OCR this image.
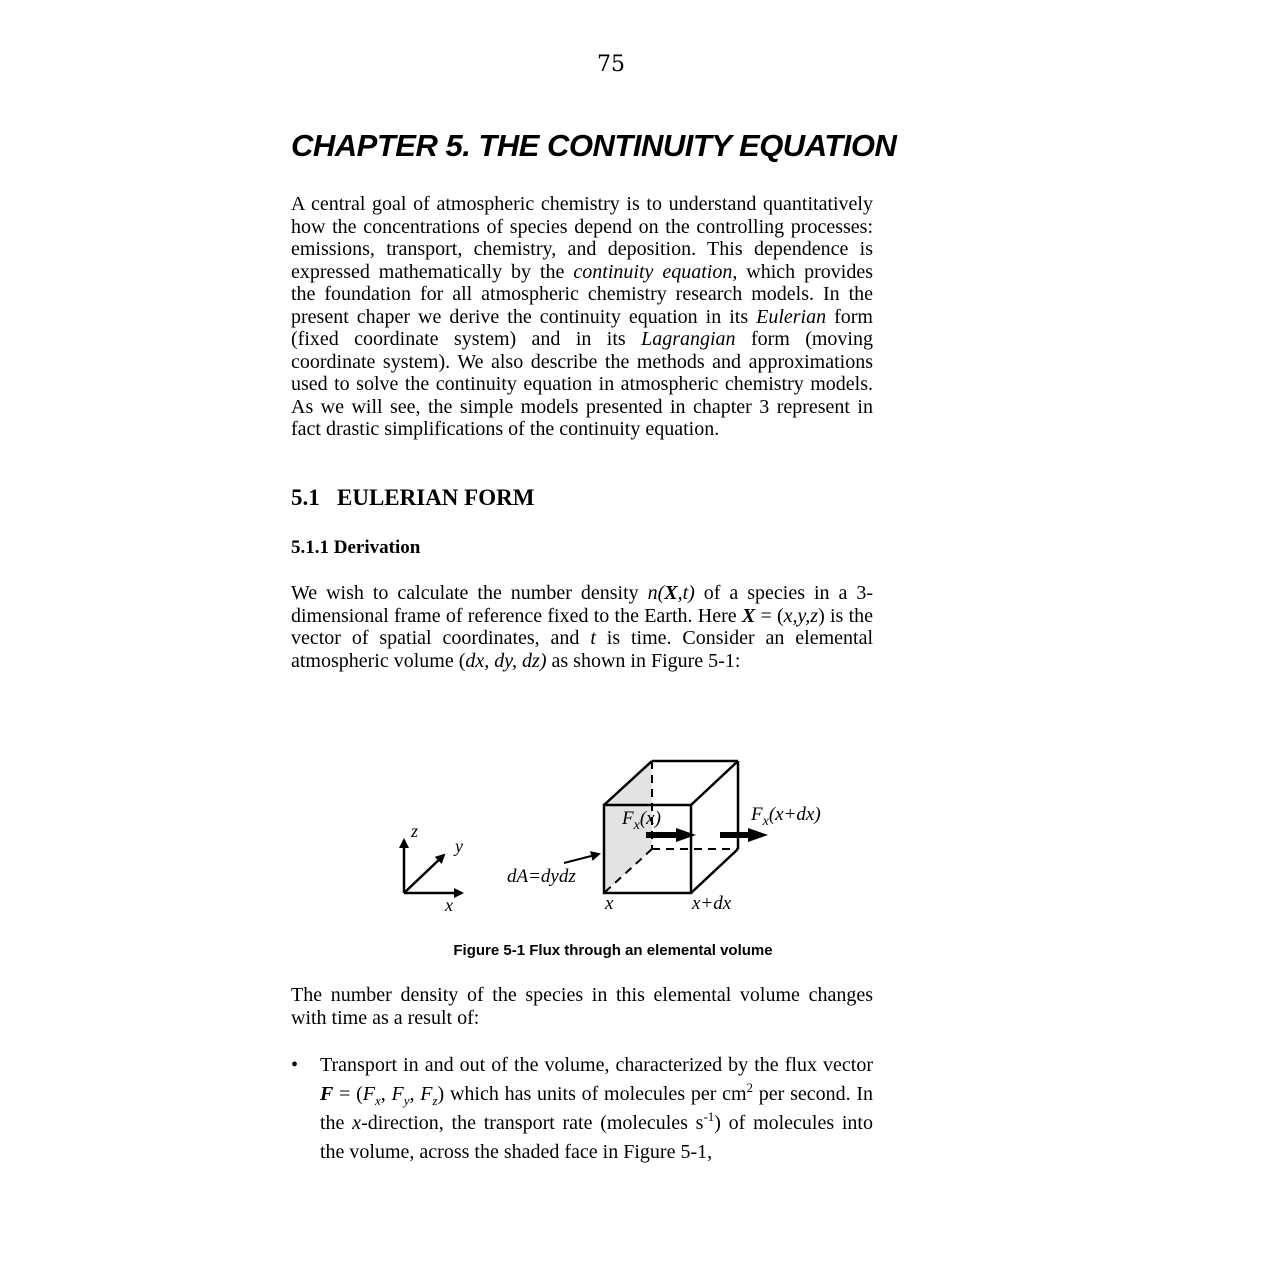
75
CHAPTER 5. THE CONTINUITY EQUATION

A central goal of atmospheric chemistry is to understand quantitatively how the concentrations of species depend on the controlling processes: emissions, transport, chemistry, and deposition. This dependence is expressed mathematically by the continuity equation, which provides the foundation for all atmospheric chemistry research models. In the present chaper we derive the continuity equation in its Eulerian form (fixed coordinate system) and in its Lagrangian form (moving coordinate system). We also describe the methods and approximations used to solve the continuity equation in atmospheric chemistry models. As we will see, the simple models presented in chapter 3 represent in fact drastic simplifications of the continuity equation.

5.1 EULERIAN FORM
5.1.1 Derivation

We wish to calculate the number density n(X,t) of a species in a 3-dimensional frame of reference fixed to the Earth. Here X = (x,y,z) is the vector of spatial coordinates, and t is time. Consider an elemental atmospheric volume (dx, dy, dz) as shown in Figure 5-1:

z
y
x
dA=dydz
$F_x(x)$	$F_x(x+dx)$
x	x+dx
Figure 5-1 Flux through an elemental volume

The number density of the species in this elemental volume changes with time as a result of:

• Transport in and out of the volume, characterized by the flux vector $F = (F_x$, $F_y$, $F_z$) which has units of molecules per $cm^2$ per second. In the x-direction, the transport rate (molecules $s^{-1}$) of molecules into the volume, across the shaded face in Figure 5-1,
